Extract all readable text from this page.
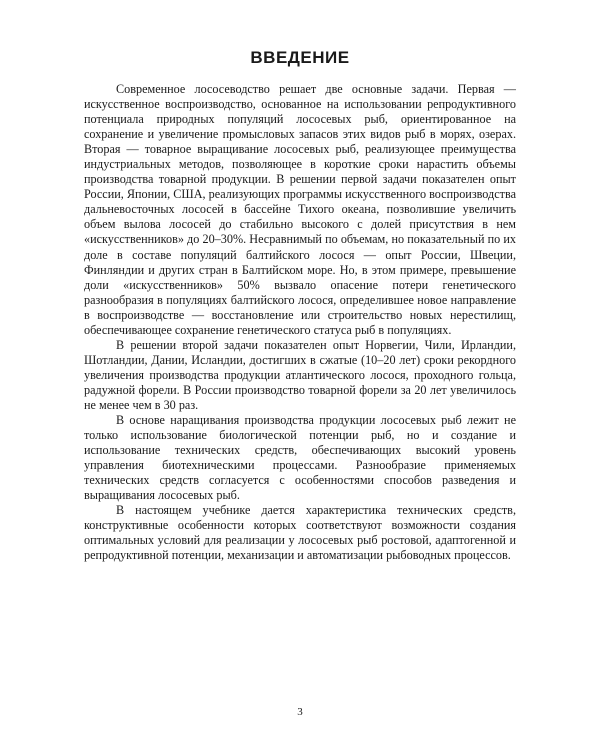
ВВЕДЕНИЕ

Современное лососеводство решает две основные задачи. Первая — искусственное воспроизводство, основанное на использовании репродуктивного потенциала природных популяций лососевых рыб, ориентированное на сохранение и увеличение промысловых запасов этих видов рыб в морях, озерах. Вторая — товарное выращивание лососевых рыб, реализующее преимущества индустриальных методов, позволяющее в короткие сроки нарастить объемы производства товарной продукции. В решении первой задачи показателен опыт России, Японии, США, реализующих программы искусственного воспроизводства дальневосточных лососей в бассейне Тихого океана, позволившие увеличить объем вылова лососей до стабильно высокого с долей присутствия в нем «искусственников» до 20–30%. Несравнимый по объемам, но показательный по их доле в составе популяций балтийского лосося — опыт России, Швеции, Финляндии и других стран в Балтийском море. Но, в этом примере, превышение доли «искусственников» 50% вызвало опасение потери генетического разнообразия в популяциях балтийского лосося, определившее новое направление в воспроизводстве — восстановление или строительство новых нерестилищ, обеспечивающее сохранение генетического статуса рыб в популяциях.

В решении второй задачи показателен опыт Норвегии, Чили, Ирландии, Шотландии, Дании, Исландии, достигших в сжатые (10–20 лет) сроки рекордного увеличения производства продукции атлантического лосося, проходного гольца, радужной форели. В России производство товарной форели за 20 лет увеличилось не менее чем в 30 раз.

В основе наращивания производства продукции лососевых рыб лежит не только использование биологической потенции рыб, но и создание и использование технических средств, обеспечивающих высокий уровень управления биотехническими процессами. Разнообразие применяемых технических средств согласуется с особенностями способов разведения и выращивания лососевых рыб.

В настоящем учебнике дается характеристика технических средств, конструктивные особенности которых соответствуют возможности создания оптимальных условий для реализации у лососевых рыб ростовой, адаптогенной и репродуктивной потенции, механизации и автоматизации рыбоводных процессов.

3
